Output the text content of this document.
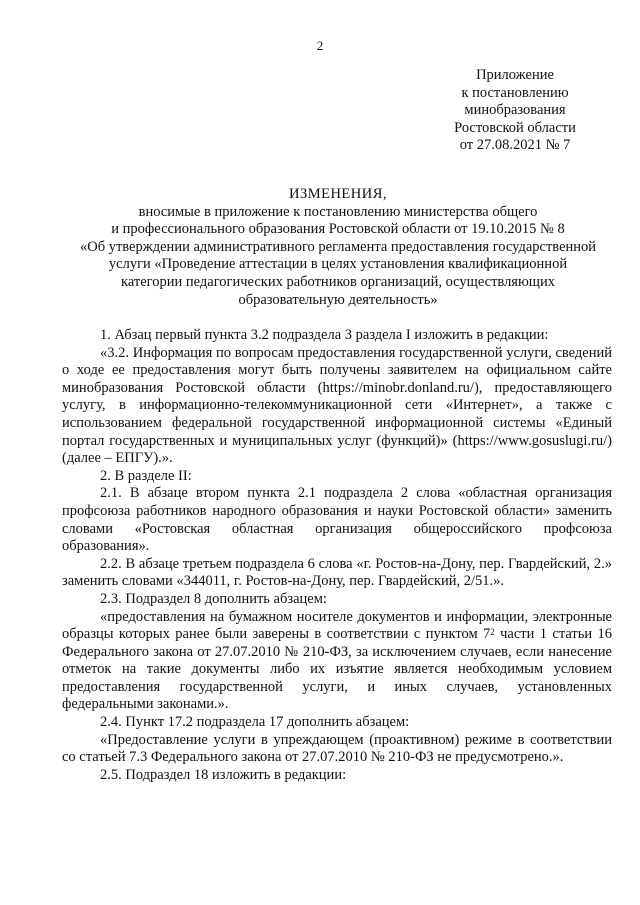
2
Приложение
к постановлению
минобразования
Ростовской области
от 27.08.2021 № 7
ИЗМЕНЕНИЯ,
вносимые в приложение к постановлению министерства общего
и профессионального образования Ростовской области от 19.10.2015 № 8
«Об утверждении административного регламента предоставления государственной
услуги «Проведение аттестации в целях установления квалификационной
категории педагогических работников организаций, осуществляющих
образовательную деятельность»

1. Абзац первый пункта 3.2 подраздела 3 раздела I изложить в редакции:

«3.2. Информация по вопросам предоставления государственной услуги, сведений о ходе ее предоставления могут быть получены заявителем на официальном сайте минобразования Ростовской области (https://minobr.donland.ru/), предоставляющего услугу, в информационно-телекоммуникационной сети «Интернет», а также с использованием федеральной государственной информационной системы «Единый портал государственных и муниципальных услуг (функций)» (https://www.gosuslugi.ru/) (далее – ЕПГУ).».

2. В разделе II:

2.1. В абзаце втором пункта 2.1 подраздела 2 слова «областная организация профсоюза работников народного образования и науки Ростовской области» заменить словами «Ростовская областная организация общероссийского профсоюза образования».

2.2. В абзаце третьем подраздела 6 слова «г. Ростов-на-Дону, пер. Гвардейский, 2.» заменить словами «344011, г. Ростов-на-Дону, пер. Гвардейский, 2/51.».

2.3. Подраздел 8 дополнить абзацем:

«предоставления на бумажном носителе документов и информации, электронные образцы которых ранее были заверены в соответствии с пунктом $7^2$ части 1 статьи 16 Федерального закона от 27.07.2010 № 210-ФЗ, за исключением случаев, если нанесение отметок на такие документы либо их изъятие является необходимым условием предоставления государственной услуги, и иных случаев, установленных федеральными законами.».

2.4. Пункт 17.2 подраздела 17 дополнить абзацем:

«Предоставление услуги в упреждающем (проактивном) режиме в соответствии со статьей 7.3 Федерального закона от 27.07.2010 № 210-ФЗ не предусмотрено.».

2.5. Подраздел 18 изложить в редакции:
